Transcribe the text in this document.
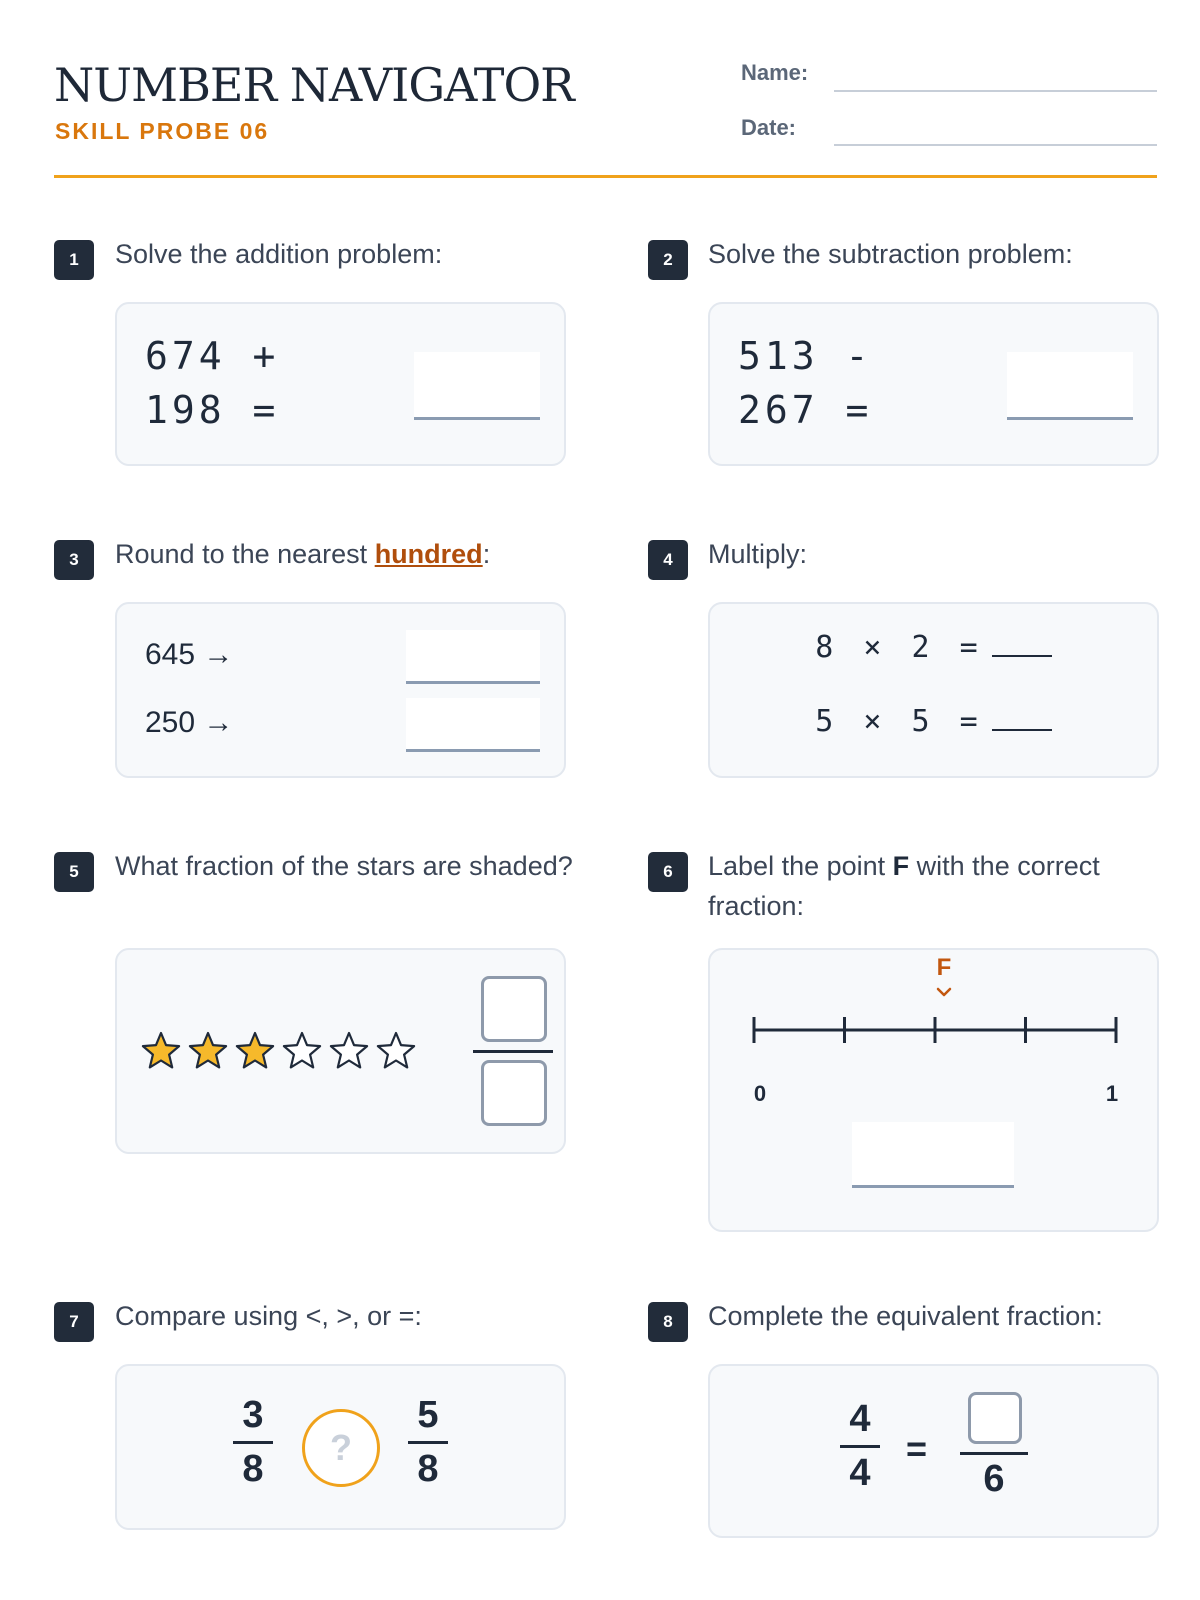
NUMBER NAVIGATOR
SKILL PROBE 06
Name:
Date:
1	Solve the addition problem:
674 +
198 =
2	Solve the subtraction problem:
513 -
267 =
3	Round to the nearest hundred:
645 →
250 →
4	Multiply:
8 × 2 =
5 × 5 =
5	What fraction of the stars are shaded?	6	Label the point F with the correct fraction:
0	1
F
7	Compare using <, >, or =:
3
8
?
5
8
8	Complete the equivalent fraction:
4
4
=
6
